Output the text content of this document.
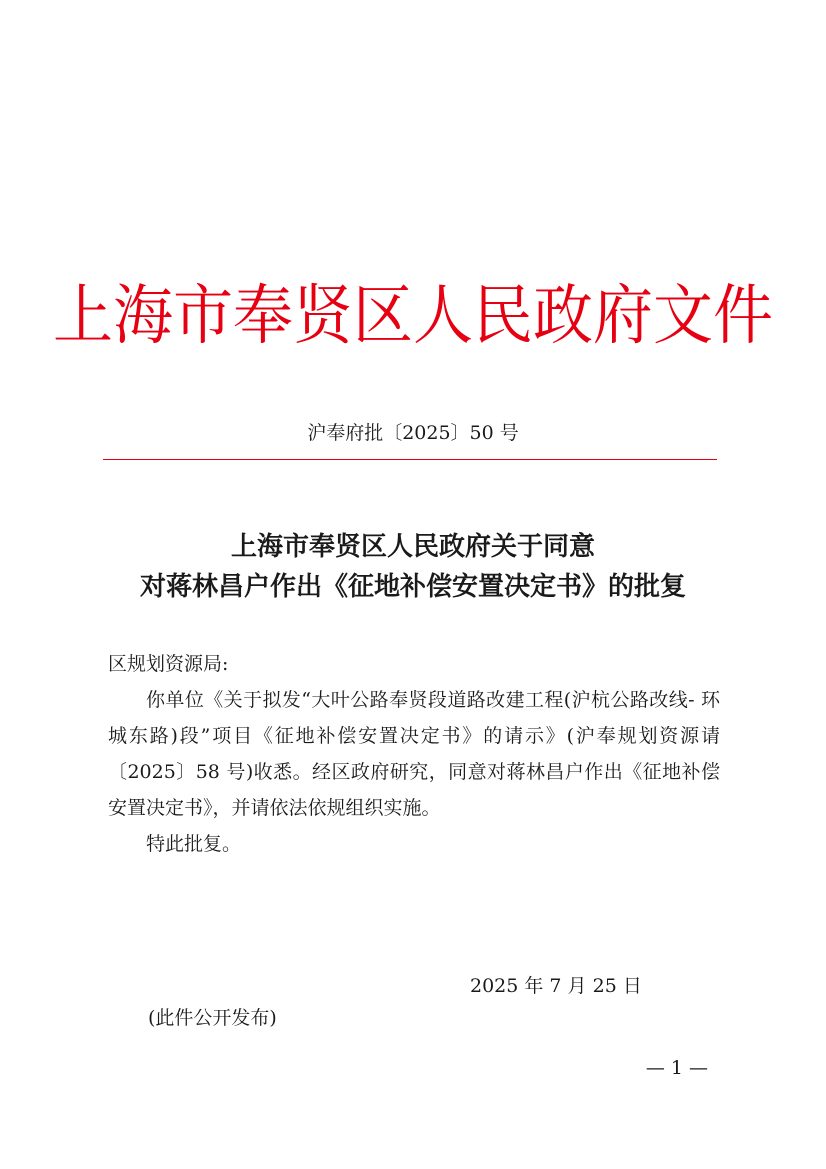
上海市奉贤区人民政府文件
沪奉府批〔2025〕50 号
上海市奉贤区人民政府关于同意
对蒋林昌户作出《征地补偿安置决定书》的批复
区规划资源局:
你单位《关于拟发“大叶公路奉贤段道路改建工程(沪杭公路改线- 环城东路)段”项目《征地补偿安置决定书》的请示》(沪奉规划资源请〔2025〕58 号)收悉。经区政府研究，同意对蒋林昌户作出《征地补偿安置决定书》，并请依法依规组织实施。
特此批复。
2025 年 7 月 25 日
(此件公开发布)
— 1 —
